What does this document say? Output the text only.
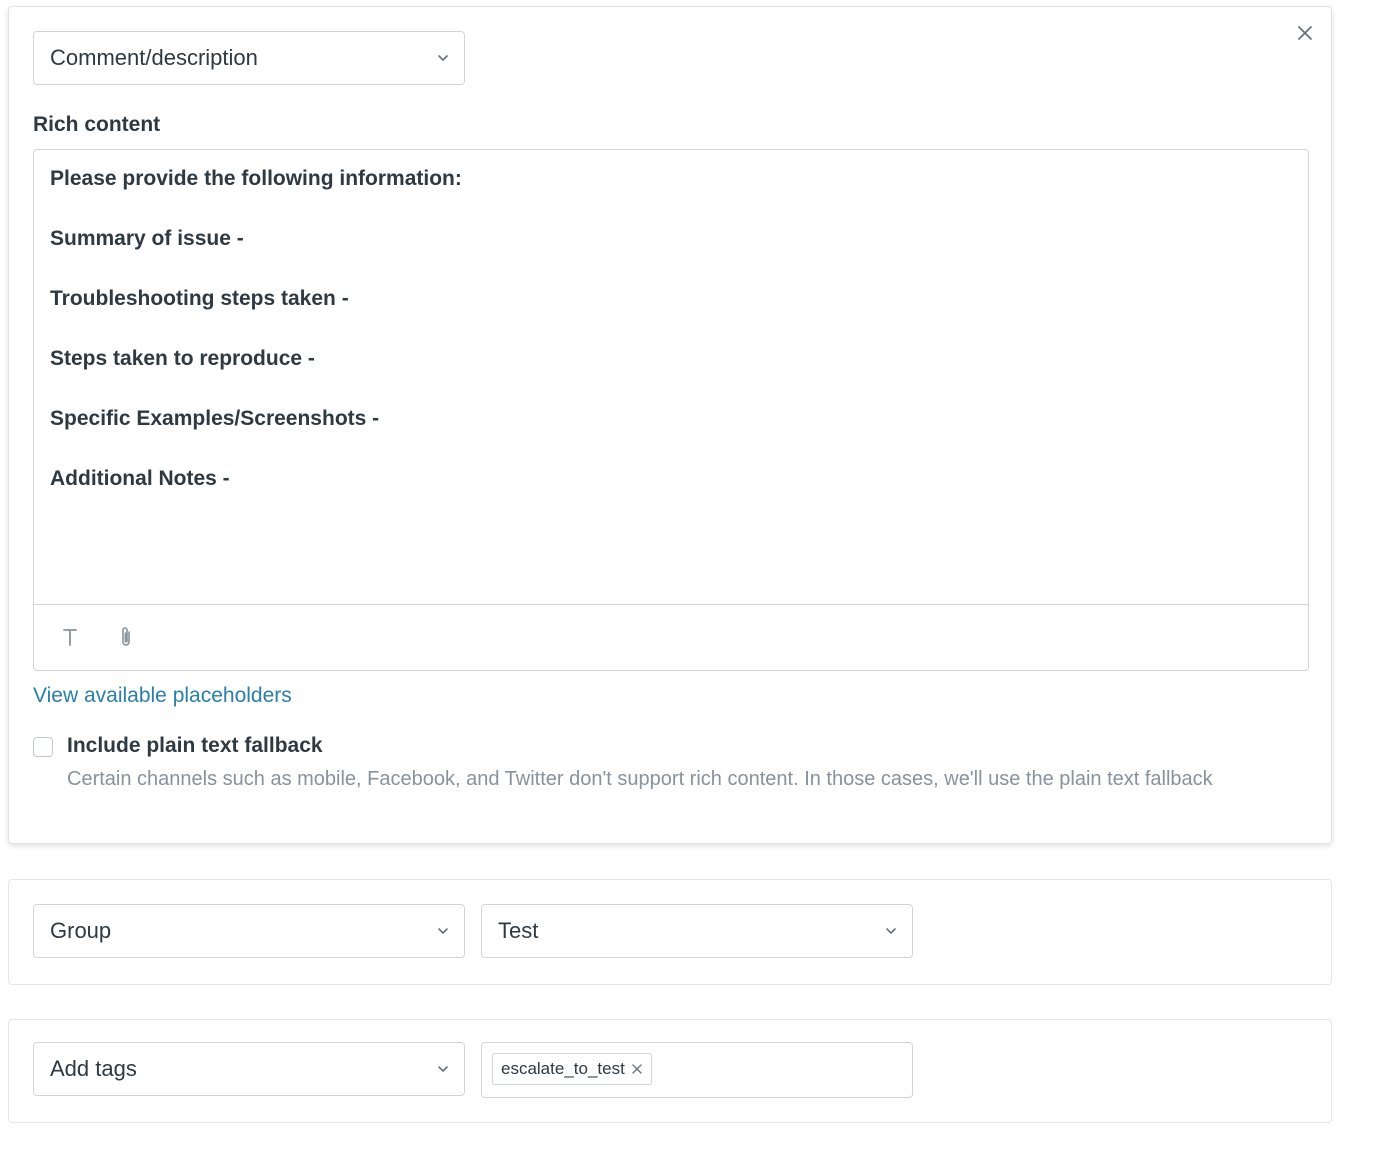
Comment/description
Rich content

Please provide the following information:

Summary of issue -

Troubleshooting steps taken -

Steps taken to reproduce -

Specific Examples/Screenshots -

Additional Notes -

View available placeholders
Include plain text fallback
Certain channels such as mobile, Facebook, and Twitter don't support rich content. In those cases, we'll use the plain text fallback
Group	Test
Add tags	escalate_to_test
